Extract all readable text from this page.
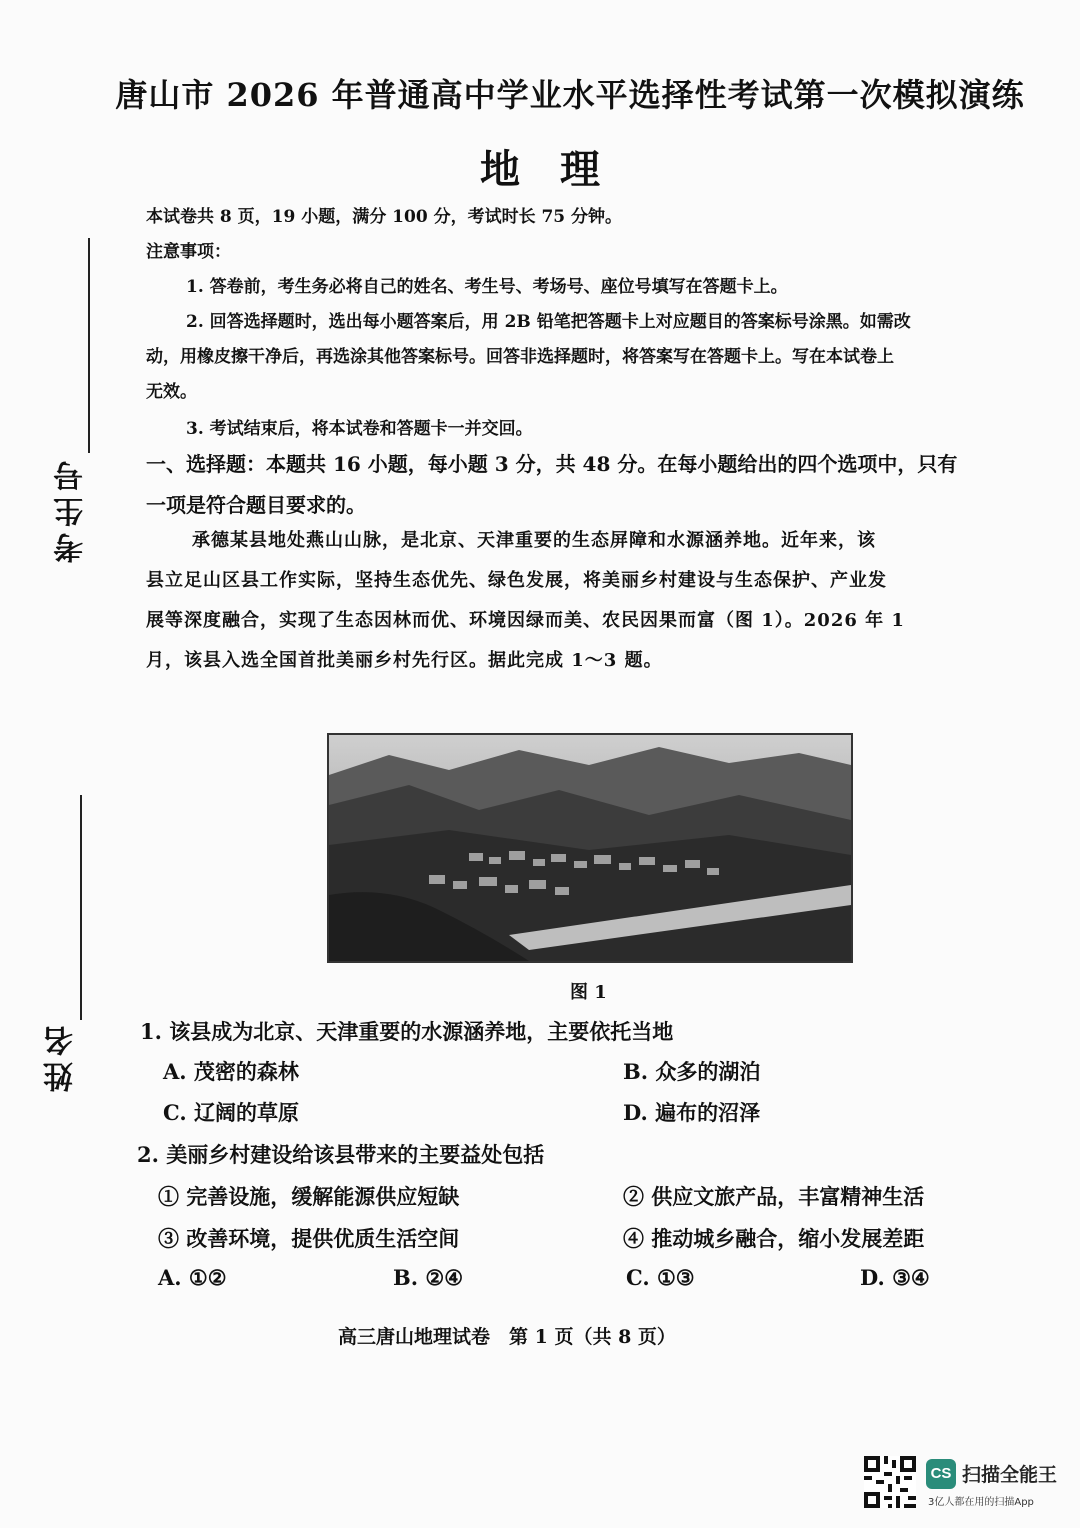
考生号
姓名
唐山市 2026 年普通高中学业水平选择性考试第一次模拟演练
地理
本试卷共 8 页，19 小题，满分 100 分，考试时长 75 分钟。
注意事项：
1. 答卷前，考生务必将自己的姓名、考生号、考场号、座位号填写在答题卡上。
2. 回答选择题时，选出每小题答案后，用 2B 铅笔把答题卡上对应题目的答案标号涂黑。如需改
动，用橡皮擦干净后，再选涂其他答案标号。回答非选择题时，将答案写在答题卡上。写在本试卷上
无效。
3. 考试结束后，将本试卷和答题卡一并交回。
一、选择题：本题共 16 小题，每小题 3 分，共 48 分。在每小题给出的四个选项中，只有
一项是符合题目要求的。
承德某县地处燕山山脉，是北京、天津重要的生态屏障和水源涵养地。近年来，该
县立足山区县工作实际，坚持生态优先、绿色发展，将美丽乡村建设与生态保护、产业发
展等深度融合，实现了生态因林而优、环境因绿而美、农民因果而富（图 1）。2026 年 1
月，该县入选全国首批美丽乡村先行区。据此完成 1～3 题。
图 1
1. 该县成为北京、天津重要的水源涵养地，主要依托当地
A. 茂密的森林	B. 众多的湖泊
C. 辽阔的草原	D. 遍布的沼泽
2. 美丽乡村建设给该县带来的主要益处包括
① 完善设施，缓解能源供应短缺	② 供应文旅产品，丰富精神生活
③ 改善环境，提供优质生活空间	④ 推动城乡融合，缩小发展差距
A. ①②	B. ②④	C. ①③	D. ③④
高三唐山地理试卷　第 1 页（共 8 页）
CS 扫描全能王
3亿人都在用的扫描App
